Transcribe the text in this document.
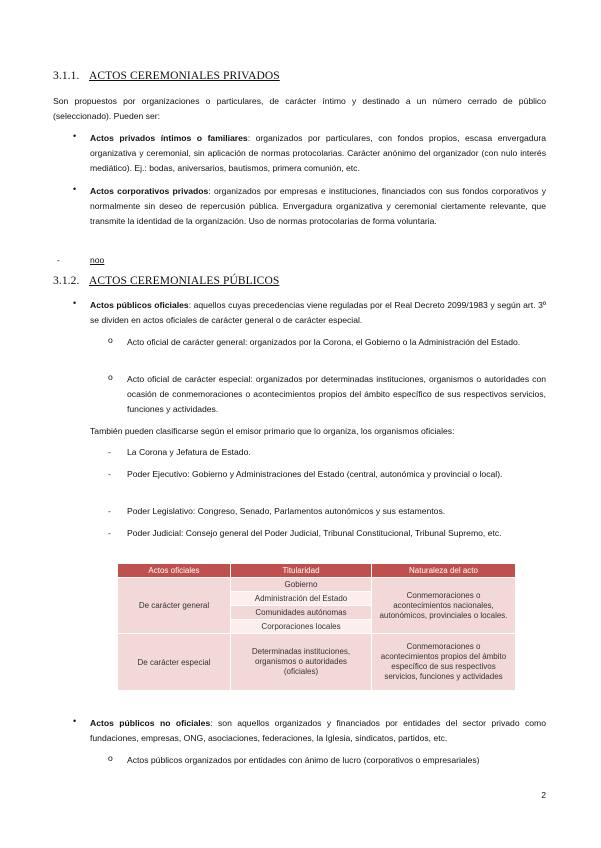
3.1.1. ACTOS CEREMONIALES PRIVADOS
Son propuestos por organizaciones o particulares, de carácter íntimo y destinado a un número cerrado de público (seleccionado). Pueden ser:
• Actos privados íntimos o familiares: organizados por particulares, con fondos propios, escasa envergadura organizativa y ceremonial, sin aplicación de normas protocolarias. Carácter anónimo del organizador (con nulo interés mediático). Ej.: bodas, aniversarios, bautismos, primera comunión, etc.
• Actos corporativos privados: organizados por empresas e instituciones, financiados con sus fondos corporativos y normalmente sin deseo de repercusión pública. Envergadura organizativa y ceremonial ciertamente relevante, que transmite la identidad de la organización. Uso de normas protocolarias de forma voluntaria.
-	noo
3.1.2. ACTOS CEREMONIALES PÚBLICOS
• Actos públicos oficiales: aquellos cuyas precedencias viene reguladas por el Real Decreto 2099/1983 y según art. 3º se dividen en actos oficiales de carácter general o de carácter especial.
o Acto oficial de carácter general: organizados por la Corona, el Gobierno o la Administración del Estado.
o Acto oficial de carácter especial: organizados por determinadas instituciones, organismos o autoridades con ocasión de conmemoraciones o acontecimientos propios del ámbito específico de sus respectivos servicios, funciones y actividades.
También pueden clasificarse según el emisor primario que lo organiza, los organismos oficiales:
- La Corona y Jefatura de Estado.
- Poder Ejecutivo: Gobierno y Administraciones del Estado (central, autonómica y provincial o local).
- Poder Legislativo: Congreso, Senado, Parlamentos autonómicos y sus estamentos.
- Poder Judicial: Consejo general del Poder Judicial, Tribunal Constitucional, Tribunal Supremo, etc.
Actos oficiales	Titularidad	Naturaleza del acto
De carácter general	Gobierno	Conmemoraciones o acontecimientos nacionales, autonómicos, provinciales o locales.
	Administración del Estado	
	Comunidades autónomas	
	Corporaciones locales	
De carácter especial	Determinadas instituciones, organismos o autoridades (oficiales)	Conmemoraciones o acontecimientos propios del ámbito específico de sus respectivos servicios, funciones y actividades
• Actos públicos no oficiales: son aquellos organizados y financiados por entidades del sector privado como fundaciones, empresas, ONG, asociaciones, federaciones, la Iglesia, sindicatos, partidos, etc.
o Actos públicos organizados por entidades con ánimo de lucro (corporativos o empresariales)
2
